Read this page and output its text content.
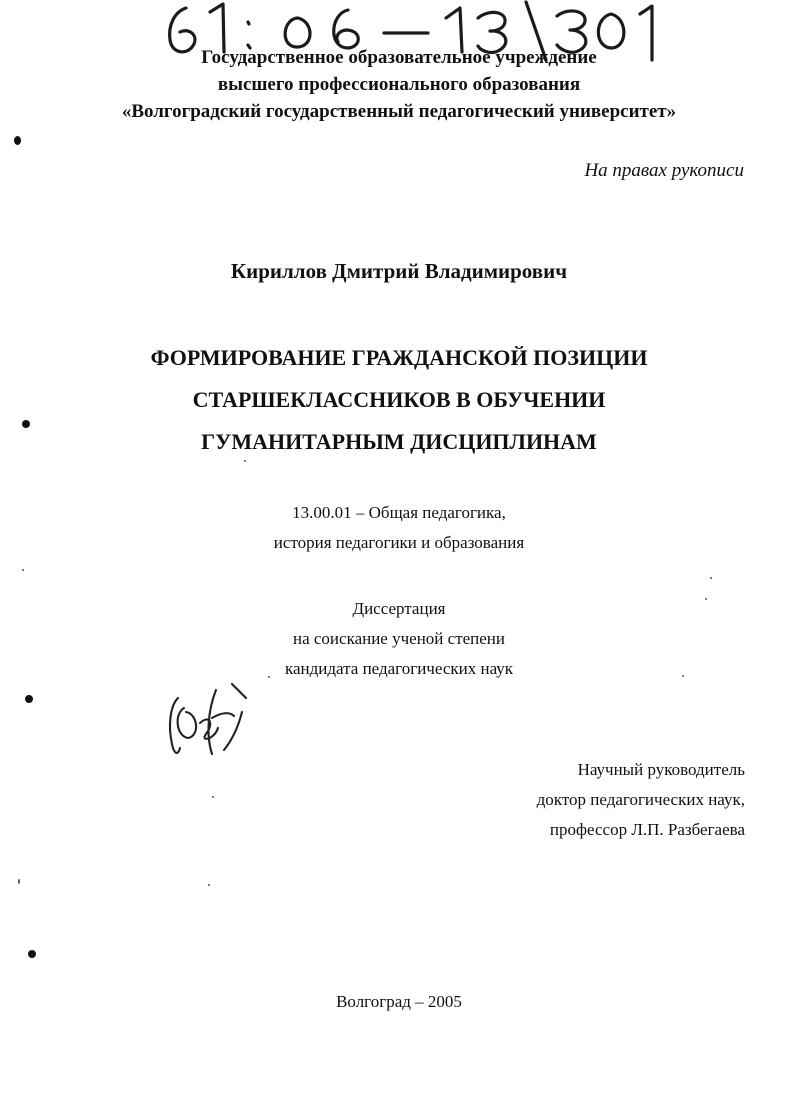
Государственное образовательное учреждение
высшего профессионального образования
«Волгоградский государственный педагогический университет»
На правах рукописи
Кириллов Дмитрий Владимирович
ФОРМИРОВАНИЕ ГРАЖДАНСКОЙ ПОЗИЦИИ
СТАРШЕКЛАССНИКОВ В ОБУЧЕНИИ
ГУМАНИТАРНЫМ ДИСЦИПЛИНАМ
13.00.01 – Общая педагогика,
история педагогики и образования
Диссертация
на соискание ученой степени
кандидата педагогических наук
Научный руководитель
доктор педагогических наук,
профессор Л.П. Разбегаева
Волгоград – 2005
